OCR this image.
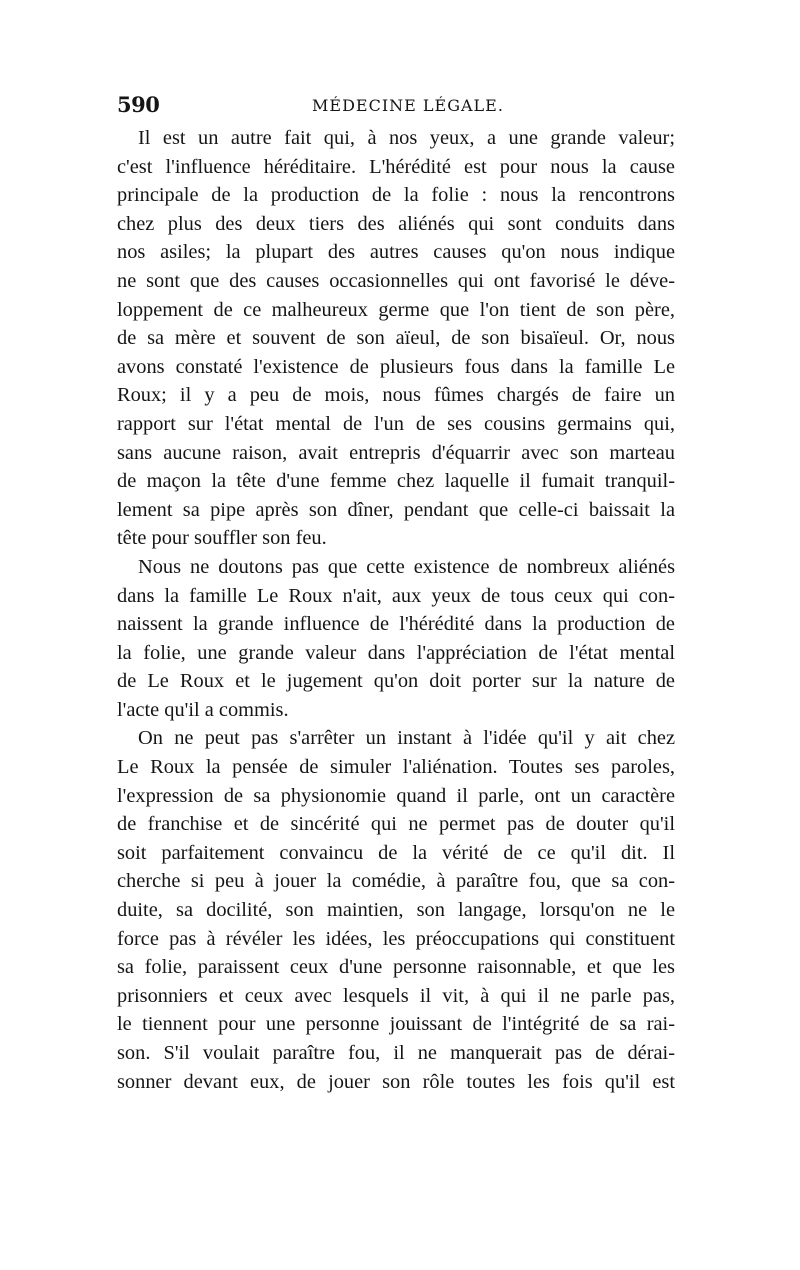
590	MÉDECINE LÉGALE.
Il est un autre fait qui, à nos yeux, a une grande valeur;
c'est l'influence héréditaire. L'hérédité est pour nous la cause
principale de la production de la folie : nous la rencontrons
chez plus des deux tiers des aliénés qui sont conduits dans
nos asiles; la plupart des autres causes qu'on nous indique
ne sont que des causes occasionnelles qui ont favorisé le déve-
loppement de ce malheureux germe que l'on tient de son père,
de sa mère et souvent de son aïeul, de son bisaïeul. Or, nous
avons constaté l'existence de plusieurs fous dans la famille Le
Roux; il y a peu de mois, nous fûmes chargés de faire un
rapport sur l'état mental de l'un de ses cousins germains qui,
sans aucune raison, avait entrepris d'équarrir avec son marteau
de maçon la tête d'une femme chez laquelle il fumait tranquil-
lement sa pipe après son dîner, pendant que celle-ci baissait la
tête pour souffler son feu.
Nous ne doutons pas que cette existence de nombreux aliénés
dans la famille Le Roux n'ait, aux yeux de tous ceux qui con-
naissent la grande influence de l'hérédité dans la production de
la folie, une grande valeur dans l'appréciation de l'état mental
de Le Roux et le jugement qu'on doit porter sur la nature de
l'acte qu'il a commis.
On ne peut pas s'arrêter un instant à l'idée qu'il y ait chez
Le Roux la pensée de simuler l'aliénation. Toutes ses paroles,
l'expression de sa physionomie quand il parle, ont un caractère
de franchise et de sincérité qui ne permet pas de douter qu'il
soit parfaitement convaincu de la vérité de ce qu'il dit. Il
cherche si peu à jouer la comédie, à paraître fou, que sa con-
duite, sa docilité, son maintien, son langage, lorsqu'on ne le
force pas à révéler les idées, les préoccupations qui constituent
sa folie, paraissent ceux d'une personne raisonnable, et que les
prisonniers et ceux avec lesquels il vit, à qui il ne parle pas,
le tiennent pour une personne jouissant de l'intégrité de sa rai-
son. S'il voulait paraître fou, il ne manquerait pas de dérai-
sonner devant eux, de jouer son rôle toutes les fois qu'il est
